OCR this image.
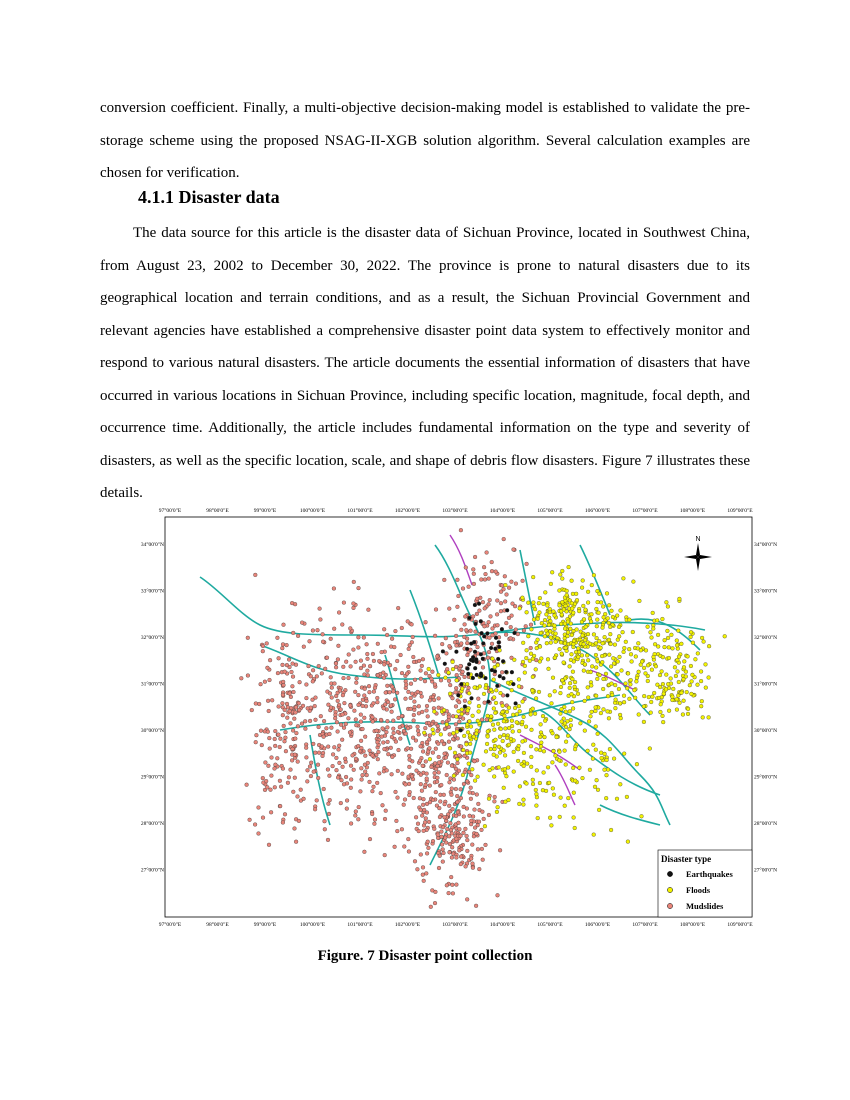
conversion coefficient. Finally, a multi-objective decision-making model is established to validate the pre-storage scheme using the proposed NSAG-II-XGB solution algorithm. Several calculation examples are chosen for verification.
4.1.1 Disaster data
The data source for this article is the disaster data of Sichuan Province, located in Southwest China, from August 23, 2002 to December 30, 2022. The province is prone to natural disasters due to its geographical location and terrain conditions, and as a result, the Sichuan Provincial Government and relevant agencies have established a comprehensive disaster point data system to effectively monitor and respond to various natural disasters. The article documents the essential information of disasters that have occurred in various locations in Sichuan Province, including specific location, magnitude, focal depth, and occurrence time. Additionally, the article includes fundamental information on the type and severity of disasters, as well as the specific location, scale, and shape of debris flow disasters. Figure 7 illustrates these details.
97°00'0"E	98°00'0"E	99°00'0"E	100°00'0"E	101°00'0"E	102°00'0"E	103°00'0"E	104°00'0"E	105°00'0"E	106°00'0"E	107°00'0"E	108°00'0"E	109°00'0"E
97°00'0"E	98°00'0"E	99°00'0"E	100°00'0"E	101°00'0"E	102°00'0"E	103°00'0"E	104°00'0"E	105°00'0"E	106°00'0"E	107°00'0"E	108°00'0"E	109°00'0"E
34°00'0"N
33°00'0"N
32°00'0"N
31°00'0"N
30°00'0"N
29°00'0"N
28°00'0"N
27°00'0"N
34°00'0"N
33°00'0"N
32°00'0"N
31°00'0"N
30°00'0"N
29°00'0"N
28°00'0"N
27°00'0"N
N
Disaster type
Earthquakes
Floods
Mudslides
Figure. 7 Disaster point collection
